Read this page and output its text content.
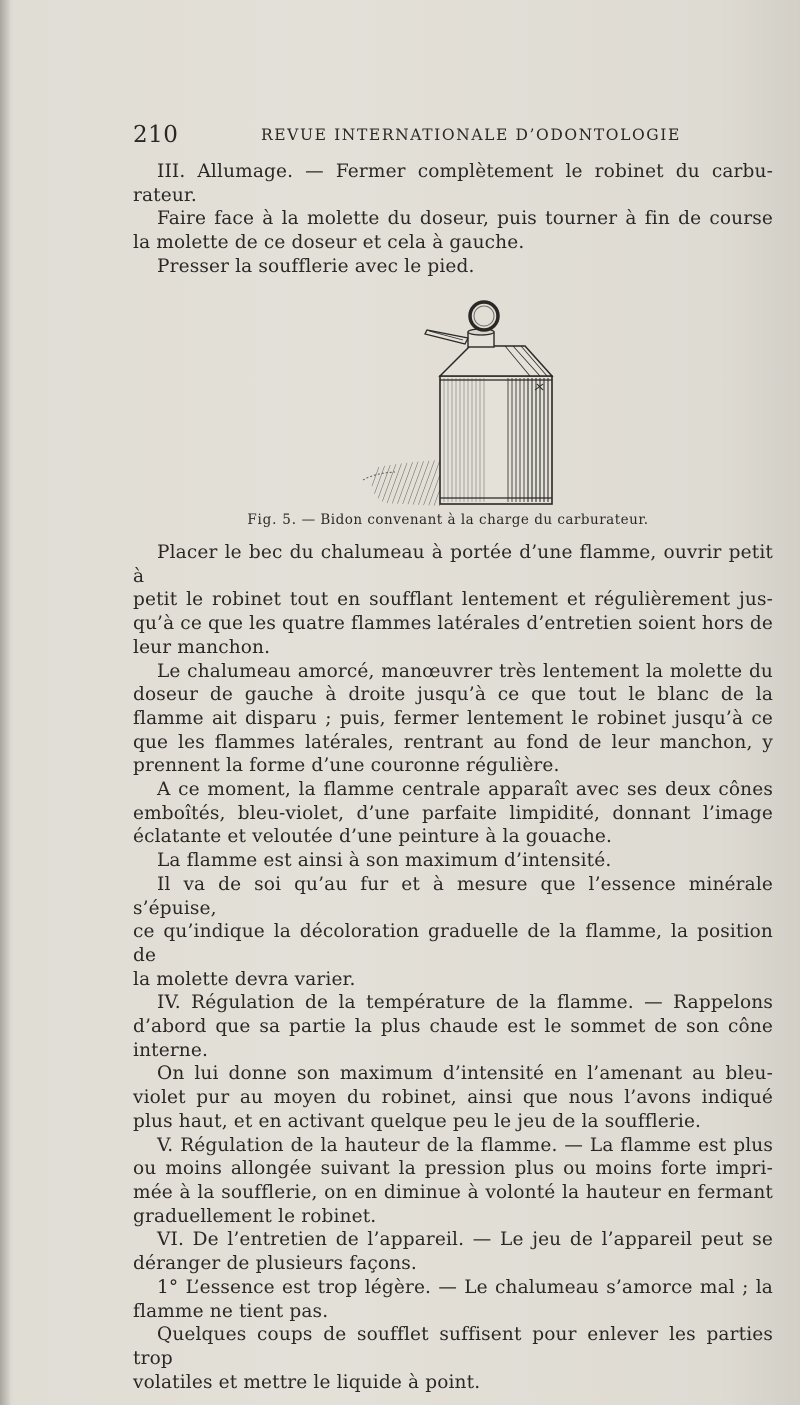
210	REVUE INTERNATIONALE D’ODONTOLOGIE

III. Allumage. — Fermer complètement le robinet du carbu-

rateur.

Faire face à la molette du doseur, puis tourner à fin de course

la molette de ce doseur et cela à gauche.

Presser la soufflerie avec le pied.

Fig. 5. — Bidon convenant à la charge du carburateur.

Placer le bec du chalumeau à portée d’une flamme, ouvrir petit à

petit le robinet tout en soufflant lentement et régulièrement jus-

qu’à ce que les quatre flammes latérales d’entretien soient hors de

leur manchon.

Le chalumeau amorcé, manœuvrer très lentement la molette du

doseur de gauche à droite jusqu’à ce que tout le blanc de la

flamme ait disparu ; puis, fermer lentement le robinet jusqu’à ce

que les flammes latérales, rentrant au fond de leur manchon, y

prennent la forme d’une couronne régulière.

A ce moment, la flamme centrale apparaît avec ses deux cônes

emboîtés, bleu-violet, d’une parfaite limpidité, donnant l’image

éclatante et veloutée d’une peinture à la gouache.

La flamme est ainsi à son maximum d’intensité.

Il va de soi qu’au fur et à mesure que l’essence minérale s’épuise,

ce qu’indique la décoloration graduelle de la flamme, la position de

la molette devra varier.

IV. Régulation de la température de la flamme. — Rappelons

d’abord que sa partie la plus chaude est le sommet de son cône

interne.

On lui donne son maximum d’intensité en l’amenant au bleu-

violet pur au moyen du robinet, ainsi que nous l’avons indiqué

plus haut, et en activant quelque peu le jeu de la soufflerie.

V. Régulation de la hauteur de la flamme. — La flamme est plus

ou moins allongée suivant la pression plus ou moins forte impri-

mée à la soufflerie, on en diminue à volonté la hauteur en fermant

graduellement le robinet.

VI. De l’entretien de l’appareil. — Le jeu de l’appareil peut se

déranger de plusieurs façons.

1° L’essence est trop légère. — Le chalumeau s’amorce mal ; la

flamme ne tient pas.

Quelques coups de soufflet suffisent pour enlever les parties trop

volatiles et mettre le liquide à point.
